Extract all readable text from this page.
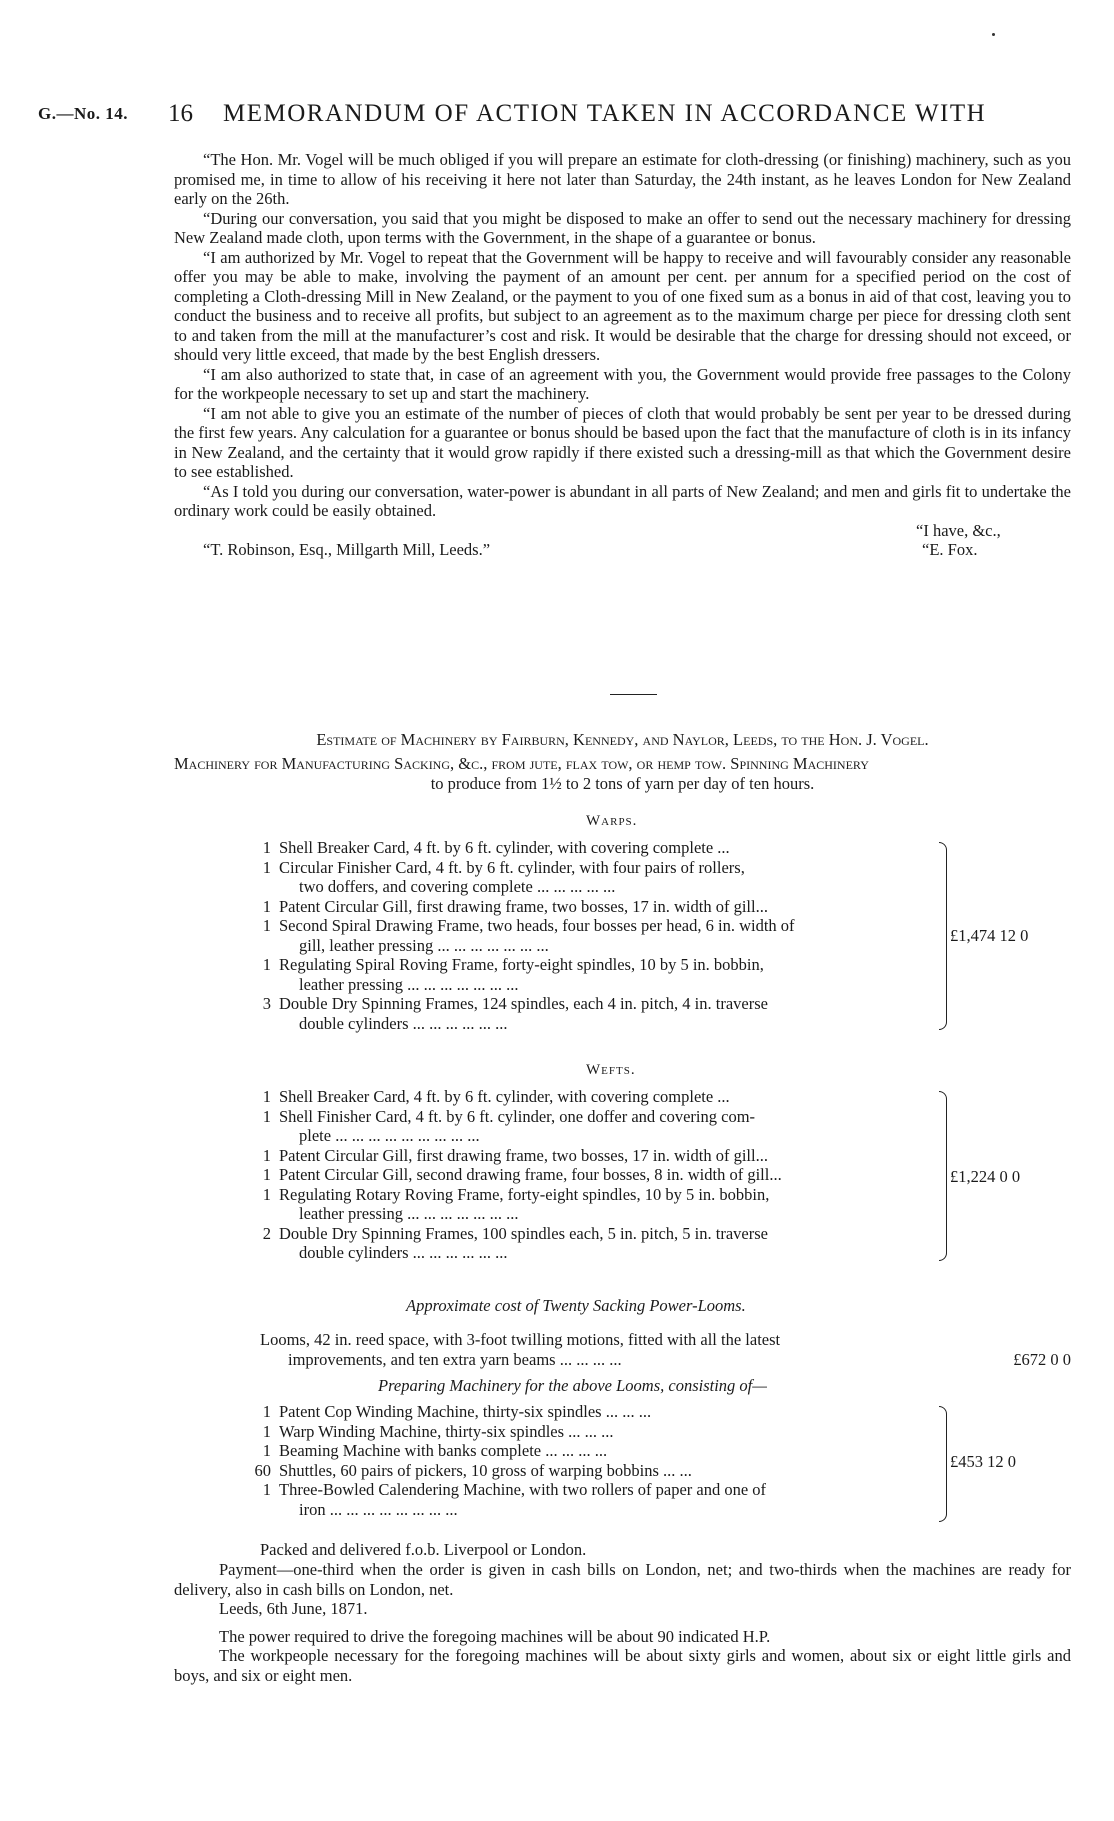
G.—No. 14. 16 MEMORANDUM OF ACTION TAKEN IN ACCORDANCE WITH

“The Hon. Mr. Vogel will be much obliged if you will prepare an estimate for cloth-dressing (or finishing) machinery, such as you promised me, in time to allow of his receiving it here not later than Saturday, the 24th instant, as he leaves London for New Zealand early on the 26th.

“During our conversation, you said that you might be disposed to make an offer to send out the necessary machinery for dressing New Zealand made cloth, upon terms with the Government, in the shape of a guarantee or bonus.

“I am authorized by Mr. Vogel to repeat that the Government will be happy to receive and will favourably consider any reasonable offer you may be able to make, involving the payment of an amount per cent. per annum for a specified period on the cost of completing a Cloth-dressing Mill in New Zealand, or the payment to you of one fixed sum as a bonus in aid of that cost, leaving you to conduct the business and to receive all profits, but subject to an agreement as to the maximum charge per piece for dressing cloth sent to and taken from the mill at the manufacturer’s cost and risk. It would be desirable that the charge for dressing should not exceed, or should very little exceed, that made by the best English dressers.

“I am also authorized to state that, in case of an agreement with you, the Government would provide free passages to the Colony for the workpeople necessary to set up and start the machinery.

“I am not able to give you an estimate of the number of pieces of cloth that would probably be sent per year to be dressed during the first few years. Any calculation for a guarantee or bonus should be based upon the fact that the manufacture of cloth is in its infancy in New Zealand, and the certainty that it would grow rapidly if there existed such a dressing-mill as that which the Government desire to see established.

“As I told you during our conversation, water-power is abundant in all parts of New Zealand; and men and girls fit to undertake the ordinary work could be easily obtained.

“I have, &c.,
“T. Robinson, Esq., Millgarth Mill, Leeds.”	“E. Fox.
Estimate of Machinery by Fairburn, Kennedy, and Naylor, Leeds, to the Hon. J. Vogel.
Machinery for Manufacturing Sacking, &c., from jute, flax tow, or hemp tow. Spinning Machinery
to produce from 1½ to 2 tons of yarn per day of ten hours.
Warps.
1 Shell Breaker Card, 4 ft. by 6 ft. cylinder, with covering complete ...
1 Circular Finisher Card, 4 ft. by 6 ft. cylinder, with four pairs of rollers,
two doffers, and covering complete ... ... ... ... ...
1 Patent Circular Gill, first drawing frame, two bosses, 17 in. width of gill...
1 Second Spiral Drawing Frame, two heads, four bosses per head, 6 in. width of
gill, leather pressing ... ... ... ... ... ... ...
1 Regulating Spiral Roving Frame, forty-eight spindles, 10 by 5 in. bobbin,
leather pressing ... ... ... ... ... ... ...
3 Double Dry Spinning Frames, 124 spindles, each 4 in. pitch, 4 in. traverse
double cylinders ... ... ... ... ... ...
£1,474 12 0
Wefts.
1 Shell Breaker Card, 4 ft. by 6 ft. cylinder, with covering complete ...
1 Shell Finisher Card, 4 ft. by 6 ft. cylinder, one doffer and covering com-
plete ... ... ... ... ... ... ... ... ...
1 Patent Circular Gill, first drawing frame, two bosses, 17 in. width of gill...
1 Patent Circular Gill, second drawing frame, four bosses, 8 in. width of gill...
1 Regulating Rotary Roving Frame, forty-eight spindles, 10 by 5 in. bobbin,
leather pressing ... ... ... ... ... ... ...
2 Double Dry Spinning Frames, 100 spindles each, 5 in. pitch, 5 in. traverse
double cylinders ... ... ... ... ... ...
£1,224 0 0
Approximate cost of Twenty Sacking Power-Looms.
Looms, 42 in. reed space, with 3-foot twilling motions, fitted with all the latest
improvements, and ten extra yarn beams ... ... ... ...	£672 0 0
Preparing Machinery for the above Looms, consisting of—
1 Patent Cop Winding Machine, thirty-six spindles ... ... ...
1 Warp Winding Machine, thirty-six spindles ... ... ...
1 Beaming Machine with banks complete ... ... ... ...
60 Shuttles, 60 pairs of pickers, 10 gross of warping bobbins ... ...
1 Three-Bowled Calendering Machine, with two rollers of paper and one of
iron ... ... ... ... ... ... ... ...
£453 12 0
Packed and delivered f.o.b. Liverpool or London.

Payment—one-third when the order is given in cash bills on London, net; and two-thirds when the machines are ready for delivery, also in cash bills on London, net.

Leeds, 6th June, 1871.

The power required to drive the foregoing machines will be about 90 indicated H.P.

The workpeople necessary for the foregoing machines will be about sixty girls and women, about six or eight little girls and boys, and six or eight men.
